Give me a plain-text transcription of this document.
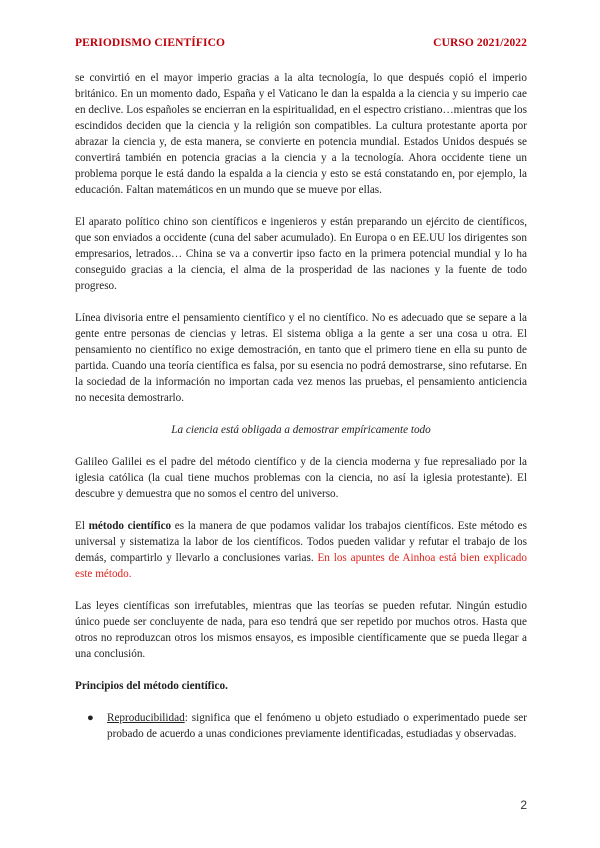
PERIODISMO CIENTÍFICO	CURSO 2021/2022

se convirtió en el mayor imperio gracias a la alta tecnología, lo que después copió el imperio británico. En un momento dado, España y el Vaticano le dan la espalda a la ciencia y su imperio cae en declive. Los españoles se encierran en la espiritualidad, en el espectro cristiano…mientras que los escindidos deciden que la ciencia y la religión son compatibles. La cultura protestante aporta por abrazar la ciencia y, de esta manera, se convierte en potencia mundial. Estados Unidos después se convertirá también en potencia gracias a la ciencia y a la tecnología. Ahora occidente tiene un problema porque le está dando la espalda a la ciencia y esto se está constatando en, por ejemplo, la educación. Faltan matemáticos en un mundo que se mueve por ellas.

El aparato político chino son científicos e ingenieros y están preparando un ejército de científicos, que son enviados a occidente (cuna del saber acumulado). En Europa o en EE.UU los dirigentes son empresarios, letrados… China se va a convertir ipso facto en la primera potencial mundial y lo ha conseguido gracias a la ciencia, el alma de la prosperidad de las naciones y la fuente de todo progreso.

Línea divisoria entre el pensamiento científico y el no científico. No es adecuado que se separe a la gente entre personas de ciencias y letras. El sistema obliga a la gente a ser una cosa u otra. El pensamiento no científico no exige demostración, en tanto que el primero tiene en ella su punto de partida. Cuando una teoría científica es falsa, por su esencia no podrá demostrarse, sino refutarse. En la sociedad de la información no importan cada vez menos las pruebas, el pensamiento anticiencia no necesita demostrarlo.

La ciencia está obligada a demostrar empíricamente todo

Galileo Galilei es el padre del método científico y de la ciencia moderna y fue represaliado por la iglesia católica (la cual tiene muchos problemas con la ciencia, no así la iglesia protestante). El descubre y demuestra que no somos el centro del universo.

El método científico es la manera de que podamos validar los trabajos científicos. Este método es universal y sistematiza la labor de los científicos. Todos pueden validar y refutar el trabajo de los demás, compartirlo y llevarlo a conclusiones varias. En los apuntes de Ainhoa está bien explicado este método.

Las leyes científicas son irrefutables, mientras que las teorías se pueden refutar. Ningún estudio único puede ser concluyente de nada, para eso tendrá que ser repetido por muchos otros. Hasta que otros no reproduzcan otros los mismos ensayos, es imposible científicamente que se pueda llegar a una conclusión.

Principios del método científico.

● Reproducibilidad: significa que el fenómeno u objeto estudiado o experimentado puede ser probado de acuerdo a unas condiciones previamente identificadas, estudiadas y observadas.
2
